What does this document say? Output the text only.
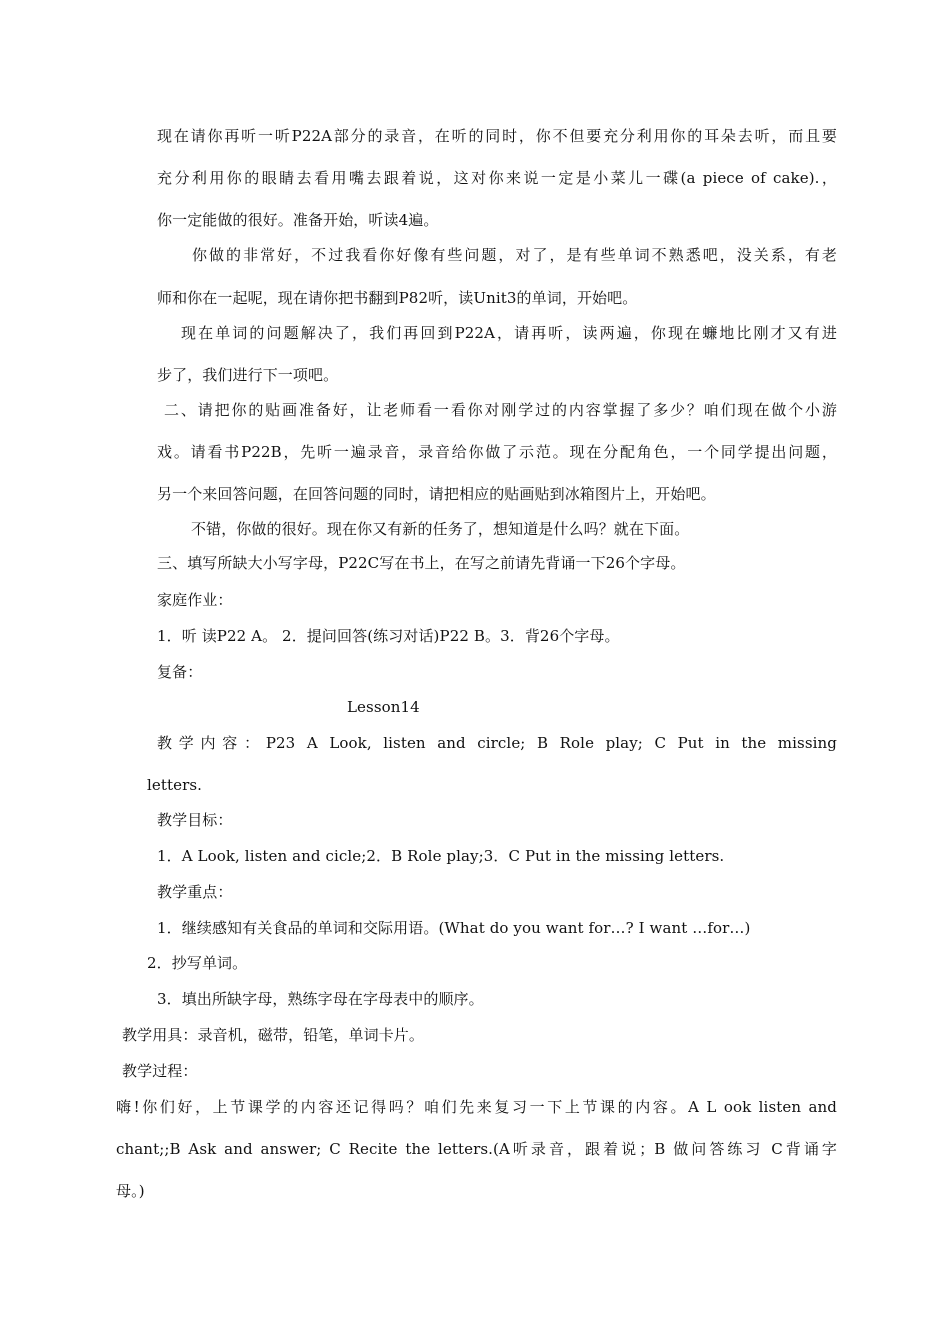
现在请你再听一听P22A部分的录音，在听的同时，你不但要充分利用你的耳朵去听，而且要

充分利用你的眼睛去看用嘴去跟着说，这对你来说一定是小菜儿一碟(a piece of cake).，

你一定能做的很好。准备开始，听读4遍。

你做的非常好，不过我看你好像有些问题，对了，是有些单词不熟悉吧，没关系，有老

师和你在一起呢，现在请你把书翻到P82听，读Unit3的单词，开始吧。

现在单词的问题解决了，我们再回到P22A，请再听，读两遍，你现在蠊地比刚才又有进

步了，我们进行下一项吧。

二、请把你的贴画准备好，让老师看一看你对刚学过的内容掌握了多少？咱们现在做个小游

戏。请看书P22B，先听一遍录音，录音给你做了示范。现在分配角色，一个同学提出问题，

另一个来回答问题，在回答问题的同时，请把相应的贴画贴到冰箱图片上，开始吧。

不错，你做的很好。现在你又有新的任务了，想知道是什么吗？就在下面。

三、填写所缺大小写字母，P22C写在书上，在写之前请先背诵一下26个字母。

家庭作业：

1．听 读P22 A。 2．提问回答(练习对话)P22 B。3．背26个字母。

复备：

Lesson14

教学内容：P23 A Look, listen and circle; B Role play; C Put in the missing

letters.

教学目标：

1．A Look, listen and cicle;2．B Role play;3．C Put in the missing letters.

教学重点：

1．继续感知有关食品的单词和交际用语。(What do you want for…? I want …for…)

2．抄写单词。

3．填出所缺字母，熟练字母在字母表中的顺序。

教学用具：录音机，磁带，铅笔，单词卡片。

教学过程：

嗨!你们好，上节课学的内容还记得吗？咱们先来复习一下上节课的内容。A L ook listen and

chant;;B Ask and answer; C Recite the letters.(A听录音，跟着说；B 做问答练习 C背诵字

母。)
